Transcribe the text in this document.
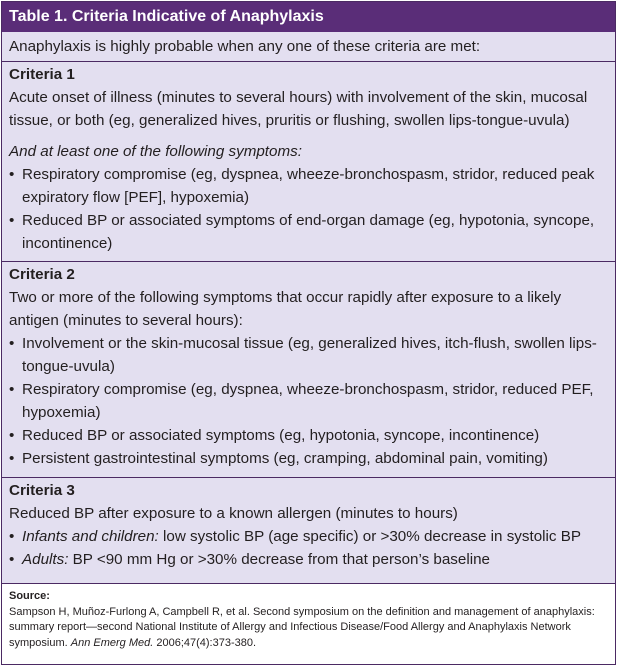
Table 1. Criteria Indicative of Anaphylaxis
Anaphylaxis is highly probable when any one of these criteria are met:
Criteria 1

Acute onset of illness (minutes to several hours) with involvement of the skin, mucosal tissue, or both (eg, generalized hives, pruritis or flushing, swollen lips-tongue-uvula)

And at least one of the following symptoms:
• Respiratory compromise (eg, dyspnea, wheeze-bronchospasm, stridor, reduced peak expiratory flow [PEF], hypoxemia)
• Reduced BP or associated symptoms of end-organ damage (eg, hypotonia, syncope, incontinence)
Criteria 2

Two or more of the following symptoms that occur rapidly after exposure to a likely antigen (minutes to several hours):

• Involvement or the skin-mucosal tissue (eg, generalized hives, itch-flush, swollen lips-tongue-uvula)
• Respiratory compromise (eg, dyspnea, wheeze-bronchospasm, stridor, reduced PEF, hypoxemia)
• Reduced BP or associated symptoms (eg, hypotonia, syncope, incontinence)
• Persistent gastrointestinal symptoms (eg, cramping, abdominal pain, vomiting)
Criteria 3

Reduced BP after exposure to a known allergen (minutes to hours)

• Infants and children: low systolic BP (age specific) or >30% decrease in systolic BP
• Adults: BP <90 mm Hg or >30% decrease from that person’s baseline
Source:
Sampson H, Muñoz-Furlong A, Campbell R, et al. Second symposium on the definition and management of anaphylaxis: summary report—second National Institute of Allergy and Infectious Disease/Food Allergy and Anaphylaxis Network symposium. Ann Emerg Med. 2006;47(4):373-380.
